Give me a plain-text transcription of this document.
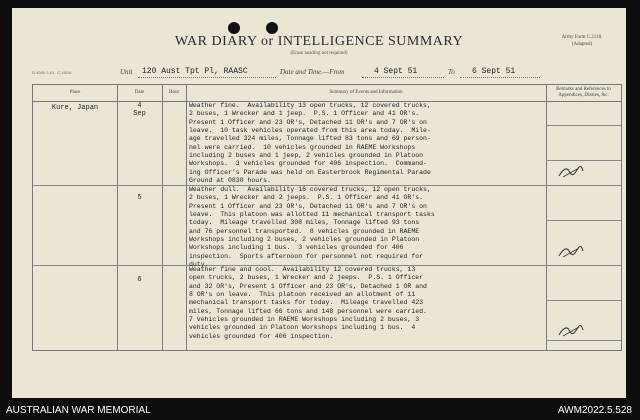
WAR DIARY or INTELLIGENCE SUMMARY
(Erase heading not required)
Army Form C.2118.
(Adapted)
Unit 120 Aust Tpt Pl, RAASC	Date and Time.—From	4 Sept 51	To 6 Sept 51
D.4040.?.43 - C.16/16
Place	Date	Hour	Summary of Events and Information
Remarks and References to Appendices, Diaries, &c.
Kure, Japan	4
Sep
Weather fine.  Availability 13 open trucks, 12 covered trucks,
2 buses, 1 Wrecker and 1 jeep.  P.S. 1 Officer and 41 OR's.
Present 1 Officer and 23 OR's, Detached 11 OR's and 7 OR's on
leave.  10 task vehicles operated from this area today.  Mile-
age travelled 324 miles, Tonnage lifted 83 tons and 69 person-
nel were carried.  10 vehicles grounded in RAEME Workshops
including 2 buses and 1 jeep, 2 vehicles grounded in Platoon
Workshops.  3 vehicles grounded for 406 inspection.  Command-
ing Officer's Parade was held on Easterbrook Regimental Parade
Ground at 0830 hours.
5
Weather dull.  Availability 16 covered trucks, 12 open trucks,
2 buses, 1 Wrecker and 2 jeeps.  P.S. 1 Officer and 41 OR's.
Present 1 Officer and 23 OR's, Detached 11 OR's and 7 OR's on
leave.  This platoon was allotted 11 mechanical transport tasks
today.  Mileage travelled 308 miles, Tonnage lifted 93 tons
and 76 personnel transported.  8 vehicles grounded in RAEME
Workshops including 2 buses, 2 vehicles grounded in Platoon
Workshops including 1 bus.  3 vehicles grounded for 406
inspection.  Sports afternoon for personnel not required for
duty.
6
Weather fine and cool.  Availability 12 covered trucks, 13
open trucks, 2 buses, 1 Wrecker and 2 jeeps.  P.S. 1 Officer
and 32 OR's, Present 1 Officer and 23 OR's, Detached 1 OR and
8 OR's on leave.  This platoon received an allotment of 11
mechanical transport tasks for today.  Mileage travelled 423
miles, Tonnage lifted 66 tons and 148 personnel were carried.
7 vehicles grounded in RAEME Workshops including 2 buses, 3
vehicles grounded in Platoon Workshops including 1 bus.  4
vehicles grounded for 406 inspection.
AUSTRALIAN WAR MEMORIAL	AWM2022.5.528
